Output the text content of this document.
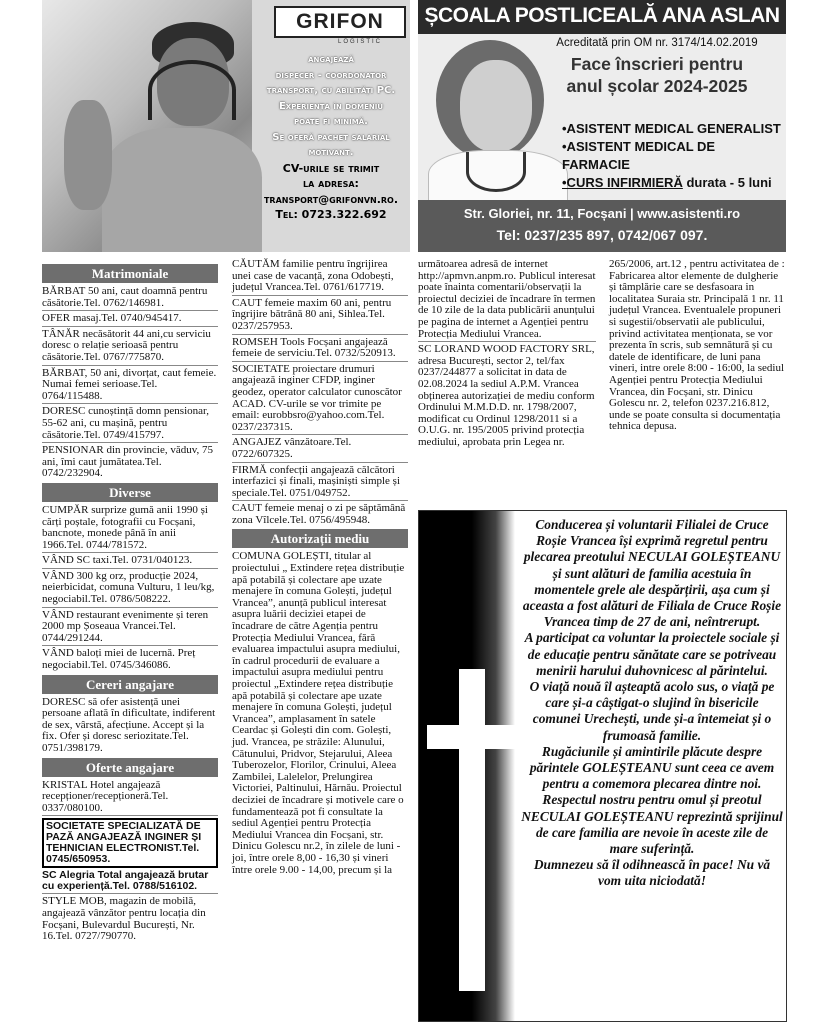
GRIFON
LOGISTIC
angajează
dispecer - coordonator
transport, cu abilități PC.
Experiența în domeniu
poate fi minimă.
Se oferă pachet salarial
motivant.
CV-urile se trimit
la adresa:
transport@grifonvn.ro.
Tel: 0723.322.692
ȘCOALA POSTLICEALĂ ANA ASLAN
Acreditată prin OM nr. 3174/14.02.2019
Face înscrieri pentru
anul școlar 2024-2025
•ASISTENT MEDICAL GENERALIST
•ASISTENT MEDICAL DE FARMACIE
•CURS INFIRMIERĂ durata - 5 luni
Str. Gloriei, nr. 11, Focșani | www.asistenti.ro
Tel: 0237/235 897, 0742/067 097.
Matrimoniale

BĂRBAT 50 ani, caut doamnă pentru căsătorie.Tel. 0762/146981.

OFER masaj.Tel. 0740/945417.

TÂNĂR necăsătorit 44 ani,cu serviciu doresc o relație serioasă pentru căsătorie.Tel. 0767/775870.

BĂRBAT, 50 ani, divorțat, caut femeie. Numai femei serioase.Tel. 0764/115488.

DORESC cunoștință domn pensionar, 55-62 ani, cu mașină, pentru căsătorie.Tel. 0749/415797.

PENSIONAR din provincie, văduv, 75 ani, îmi caut jumătatea.Tel. 0742/232904.

Diverse

CUMPĂR surprize gumă anii 1990 și cărți poștale, fotografii cu Focșani, bancnote, monede până în anii 1966.Tel. 0744/781572.

VÂND SC taxi.Tel. 0731/040123.

VÂND 300 kg orz, producție 2024, neierbicidat, comuna Vulturu, 1 leu/kg, negociabil.Tel. 0786/508222.

VÂND restaurant evenimente și teren 2000 mp Șoseaua Vrancei.Tel. 0744/291244.

VÂND baloți miei de lucernă. Preț negociabil.Tel. 0745/346086.

Cereri angajare

DORESC să ofer asistență unei persoane aflată în dificultate, indiferent de sex, vârstă, afecțiune. Accept și la fix. Ofer și doresc seriozitate.Tel. 0751/398179.

Oferte angajare

KRISTAL Hotel angajează recepționer/recepționeră.Tel. 0337/080100.

SOCIETATE SPECIALIZATĂ DE PAZĂ ANGAJEAZĂ INGINER ȘI TEHNICIAN ELECTRONIST.Tel. 0745/650953.

SC Alegria Total angajează brutar cu experiență.Tel. 0788/516102.

STYLE MOB, magazin de mobilă, angajează vânzător pentru locația din Focșani, Bulevardul București, Nr. 16.Tel. 0727/790770.

CĂUTĂM familie pentru îngrijirea unei case de vacanță, zona Odobești, județul Vrancea.Tel. 0761/617719.

CAUT femeie maxim 60 ani, pentru îngrijire bătrână 80 ani, Sihlea.Tel. 0237/257953.

ROMSEH Tools Focșani angajează femeie de serviciu.Tel. 0732/520913.

SOCIETATE proiectare drumuri angajează inginer CFDP, inginer geodez, operator calculator cunoscător ACAD. CV-urile se vor trimite pe email: eurobbsro@yahoo.com.Tel. 0237/237315.

ANGAJEZ vânzătoare.Tel. 0722/607325.

FIRMĂ confecții angajează călcători interfazici și finali, mașiniști simple și speciale.Tel. 0751/049752.

CAUT femeie menaj o zi pe săptămână zona Vîlcele.Tel. 0756/495948.

Autorizații mediu

COMUNA GOLEȘTI, titular al proiectului „ Extindere rețea distribuție apă potabilă și colectare ape uzate menajere în comuna Golești, județul Vrancea”, anunță publicul interesat asupra luării deciziei etapei de încadrare de către Agenția pentru Protecția Mediului Vrancea, fără evaluarea impactului asupra mediului, în cadrul procedurii de evaluare a impactului asupra mediului pentru proiectul „Extindere rețea distribuție apă potabilă și colectare ape uzate menajere în comuna Golești, județul Vrancea”, amplasament în satele Ceardac și Golești din com. Golești, jud. Vrancea, pe străzile: Alunului, Cătunului, Pridvor, Stejarului, Aleea Tuberozelor, Florilor, Crinului, Aleea Zambilei, Lalelelor, Prelungirea Victoriei, Paltinului, Hărnău. Proiectul deciziei de încadrare și motivele care o fundamentează pot fi consultate la sediul Agenției pentru Protecția Mediului Vrancea din Focșani, str. Dinicu Golescu nr.2, în zilele de luni - joi, între orele 8,00 - 16,30 și vineri între orele 9.00 - 14,00, precum și la

următoarea adresă de internet http://apmvn.anpm.ro. Publicul interesat poate înainta comentarii/observații la proiectul deciziei de încadrare în termen de 10 zile de la data publicării anunțului pe pagina de internet a Agenției pentru Protecția Mediului Vrancea.

SC LORAND WOOD FACTORY SRL, adresa București, sector 2, tel/fax 0237/244877 a solicitat in data de 02.08.2024 la sediul A.P.M. Vrancea obținerea autorizației de mediu conform Ordinului M.M.D.D. nr. 1798/2007, modificat cu Ordinul 1298/2011 si a O.U.G. nr. 195/2005 privind protecția mediului, aprobata prin Legea nr.

265/2006, art.12 , pentru activitatea de : Fabricarea altor elemente de dulgherie și tâmplărie care se desfasoara in localitatea Suraia str. Principală 1 nr. 11 județul Vrancea. Eventualele propuneri si sugestii/observatii ale publicului, privind activitatea menționata, se vor prezenta în scris, sub semnătură și cu datele de identificare, de luni pana vineri, intre orele 8:00 - 16:00, la sediul Agenției pentru Protecția Mediului Vrancea, din Focșani, str. Dinicu Golescu nr. 2, telefon 0237.216.812, unde se poate consulta si documentația tehnica depusa.

Conducerea și voluntarii Filialei de Cruce Roșie Vrancea își exprimă regretul pentru plecarea preotului NECULAI GOLEȘTEANU și sunt alături de familia acestuia în momentele grele ale despărțirii, așa cum și aceasta a fost alături de Filiala de Cruce Roșie Vrancea timp de 27 de ani, neîntrerupt.
A participat ca voluntar la proiectele sociale și de educație pentru sănătate care se potriveau menirii harului duhovnicesc al părintelui.
O viață nouă îl așteaptă acolo sus, o viață pe care și-a câștigat-o slujind în bisericile comunei Urechești, unde și-a întemeiat și o frumoasă familie.
Rugăciunile și amintirile plăcute despre părintele GOLEȘTEANU sunt ceea ce avem pentru a comemora plecarea dintre noi.
Respectul nostru pentru omul și preotul NECULAI GOLEȘTEANU reprezintă sprijinul de care familia are nevoie în aceste zile de mare suferință.
Dumnezeu să îl odihnească în pace! Nu vă vom uita niciodată!
